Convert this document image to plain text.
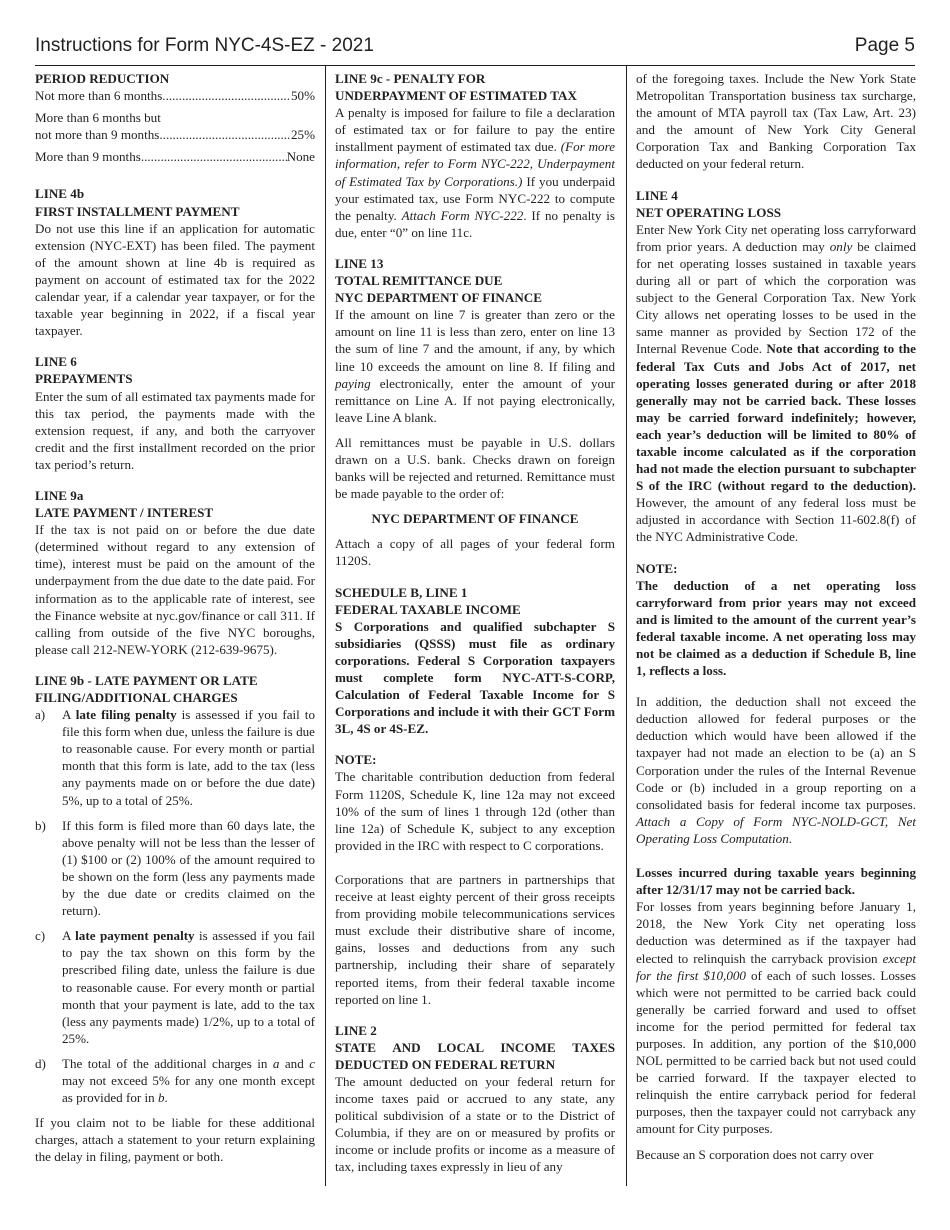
Instructions for Form NYC-4S-EZ - 2021	Page 5

PERIOD REDUCTION

Not more than 6 months .....	50%

More than 6 months but

not more than 9 months .....	25%
More than 9 months .....	None

LINE 4b

FIRST INSTALLMENT PAYMENT

Do not use this line if an application for automatic extension (NYC-EXT) has been filed. The payment of the amount shown at line 4b is required as payment on account of estimated tax for the 2022 calendar year, if a calendar year taxpayer, or for the taxable year beginning in 2022, if a fiscal year taxpayer.

LINE 6

PREPAYMENTS

Enter the sum of all estimated tax payments made for this tax period, the payments made with the extension request, if any, and both the carryover credit and the first installment recorded on the prior tax period’s return.

LINE 9a

LATE PAYMENT / INTEREST

If the tax is not paid on or before the due date (determined without regard to any extension of time), interest must be paid on the amount of the underpayment from the due date to the date paid. For information as to the applicable rate of interest, see the Finance website at nyc.gov/finance or call 311. If calling from outside of the five NYC boroughs, please call 212-NEW-YORK (212-639-9675).

LINE 9b - LATE PAYMENT OR LATE

FILING/ADDITIONAL CHARGES

a)	A late filing penalty is assessed if you fail to file this form when due, unless the failure is due to reasonable cause. For every month or partial month that this form is late, add to the tax (less any payments made on or before the due date) 5%, up to a total of 25%.
b)	If this form is filed more than 60 days late, the above penalty will not be less than the lesser of (1) $100 or (2) 100% of the amount required to be shown on the form (less any payments made by the due date or credits claimed on the return).
c)	A late payment penalty is assessed if you fail to pay the tax shown on this form by the prescribed filing date, unless the failure is due to reasonable cause. For every month or partial month that your payment is late, add to the tax (less any payments made) 1/2%, up to a total of 25%.
d)	The total of the additional charges in a and c may not exceed 5% for any one month except as provided for in b.

If you claim not to be liable for these additional charges, attach a statement to your return explaining the delay in filing, payment or both.

LINE 9c - PENALTY FOR

UNDERPAYMENT OF ESTIMATED TAX

A penalty is imposed for failure to file a declaration of estimated tax or for failure to pay the entire installment payment of estimated tax due. (For more information, refer to Form NYC-222, Underpayment of Estimated Tax by Corporations.) If you underpaid your estimated tax, use Form NYC-222 to compute the penalty. Attach Form NYC-222. If no penalty is due, enter “0” on line 11c.

LINE 13

TOTAL REMITTANCE DUE

NYC DEPARTMENT OF FINANCE

If the amount on line 7 is greater than zero or the amount on line 11 is less than zero, enter on line 13 the sum of line 7 and the amount, if any, by which line 10 exceeds the amount on line 8. If filing and paying electronically, enter the amount of your remittance on Line A. If not paying electronically, leave Line A blank.

All remittances must be payable in U.S. dollars drawn on a U.S. bank. Checks drawn on foreign banks will be rejected and returned. Remittance must be made payable to the order of:

NYC DEPARTMENT OF FINANCE

Attach a copy of all pages of your federal form 1120S.

SCHEDULE B, LINE 1

FEDERAL TAXABLE INCOME

S Corporations and qualified subchapter S subsidiaries (QSSS) must file as ordinary corporations. Federal S Corporation taxpayers must complete form NYC-ATT-S-CORP, Calculation of Federal Taxable Income for S Corporations and include it with their GCT Form 3L, 4S or 4S-EZ.

NOTE:

The charitable contribution deduction from federal Form 1120S, Schedule K, line 12a may not exceed 10% of the sum of lines 1 through 12d (other than line 12a) of Schedule K, subject to any exception provided in the IRC with respect to C corporations.

Corporations that are partners in partnerships that receive at least eighty percent of their gross receipts from providing mobile telecommunications services must exclude their distributive share of income, gains, losses and deductions from any such partnership, including their share of separately reported items, from their federal taxable income reported on line 1.

LINE 2

STATE AND LOCAL INCOME TAXES DEDUCTED ON FEDERAL RETURN

The amount deducted on your federal return for income taxes paid or accrued to any state, any political subdivision of a state or to the District of Columbia, if they are on or measured by profits or income or include profits or income as a measure of tax, including taxes expressly in lieu of any

of the foregoing taxes. Include the New York State Metropolitan Transportation business tax surcharge, the amount of MTA payroll tax (Tax Law, Art. 23) and the amount of New York City General Corporation Tax and Banking Corporation Tax deducted on your federal return.

LINE 4

NET OPERATING LOSS

Enter New York City net operating loss carryforward from prior years. A deduction may only be claimed for net operating losses sustained in taxable years during all or part of which the corporation was subject to the General Corporation Tax. New York City allows net operating losses to be used in the same manner as provided by Section 172 of the Internal Revenue Code. Note that according to the federal Tax Cuts and Jobs Act of 2017, net operating losses generated during or after 2018 generally may not be carried back. These losses may be carried forward indefinitely; however, each year’s deduction will be limited to 80% of taxable income calculated as if the corporation had not made the election pursuant to subchapter S of the IRC (without regard to the deduction). However, the amount of any federal loss must be adjusted in accordance with Section 11-602.8(f) of the NYC Administrative Code.

NOTE:

The deduction of a net operating loss carryforward from prior years may not exceed and is limited to the amount of the current year’s federal taxable income. A net operating loss may not be claimed as a deduction if Schedule B, line 1, reflects a loss.

In addition, the deduction shall not exceed the deduction allowed for federal purposes or the deduction which would have been allowed if the taxpayer had not made an election to be (a) an S Corporation under the rules of the Internal Revenue Code or (b) included in a group reporting on a consolidated basis for federal income tax purposes. Attach a Copy of Form NYC-NOLD-GCT, Net Operating Loss Computation.

Losses incurred during taxable years beginning after 12/31/17 may not be carried back.

For losses from years beginning before January 1, 2018, the New York City net operating loss deduction was determined as if the taxpayer had elected to relinquish the carryback provision except for the first $10,000 of each of such losses. Losses which were not permitted to be carried back could generally be carried forward and used to offset income for the period permitted for federal tax purposes. In addition, any portion of the $10,000 NOL permitted to be carried back but not used could be carried forward. If the taxpayer elected to relinquish the entire carryback period for federal purposes, then the taxpayer could not carryback any amount for City purposes.

Because an S corporation does not carry over
